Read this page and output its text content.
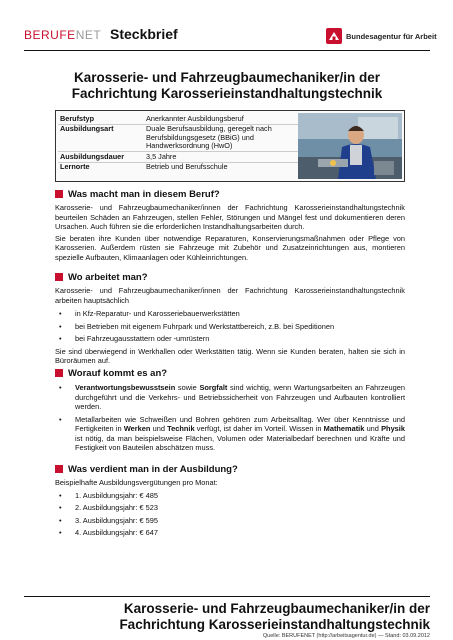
BERUFENET Steckbrief	Bundesagentur für Arbeit
Karosserie- und Fahrzeugbaumechaniker/in der
Fachrichtung Karosserieinstandhaltungstechnik
Berufstyp	Anerkannter Ausbildungsberuf
Ausbildungsart	Duale Berufsausbildung, geregelt nach Berufsbildungsgesetz (BBiG) und Handwerksordnung (HwO)
Ausbildungsdauer	3,5 Jahre
Lernorte	Betrieb und Berufsschule
Was macht man in diesem Beruf?

Karosserie- und Fahrzeugbaumechaniker/innen der Fachrichtung Karosserieinstandhaltungstechnik beurteilen Schäden an Fahrzeugen, stellen Fehler, Störungen und Mängel fest und dokumentieren deren Ursachen. Auch führen sie die erforderlichen Instandhaltungsarbeiten durch.

Sie beraten ihre Kunden über notwendige Reparaturen, Konservierungsmaßnahmen oder Pflege von Karosserien. Außerdem rüsten sie Fahrzeuge mit Zubehör und Zusatzeinrichtungen aus, montieren spezielle Aufbauten, Klimaanlagen oder Kühleinrichtungen.

Wo arbeitet man?

Karosserie- und Fahrzeugbaumechaniker/innen der Fachrichtung Karosserieinstandhaltungstechnik arbeiten hauptsächlich

• in Kfz-Reparatur- und Karosseriebauerwerkstätten
• bei Betrieben mit eigenem Fuhrpark und Werkstattbereich, z.B. bei Speditionen
• bei Fahrzeugausstattern oder -umrüstern

Sie sind überwiegend in Werkhallen oder Werkstätten tätig. Wenn sie Kunden beraten, halten sie sich in Büroräumen auf.

Worauf kommt es an?
• Verantwortungsbewusstsein sowie Sorgfalt sind wichtig, wenn Wartungsarbeiten an Fahrzeugen durchgeführt und die Verkehrs- und Betriebssicherheit von Fahrzeugen und Aufbauten kontrolliert werden.
• Metallarbeiten wie Schweißen und Bohren gehören zum Arbeitsalltag. Wer über Kenntnisse und Fertigkeiten in Werken und Technik verfügt, ist daher im Vorteil. Wissen in Mathematik und Physik ist nötig, da man beispielsweise Flächen, Volumen oder Materialbedarf berechnen und Kräfte und Festigkeit von Bauteilen abschätzen muss.
Was verdient man in der Ausbildung?

Beispielhafte Ausbildungsvergütungen pro Monat:

• 1. Ausbildungsjahr: € 485
• 2. Ausbildungsjahr: € 523
• 3. Ausbildungsjahr: € 595
• 4. Ausbildungsjahr: € 647
Karosserie- und Fahrzeugbaumechaniker/in der
Fachrichtung Karosserieinstandhaltungstechnik
Quelle: BERUFENET (http://arbeitsagentur.de) — Stand: 03.09.2012
